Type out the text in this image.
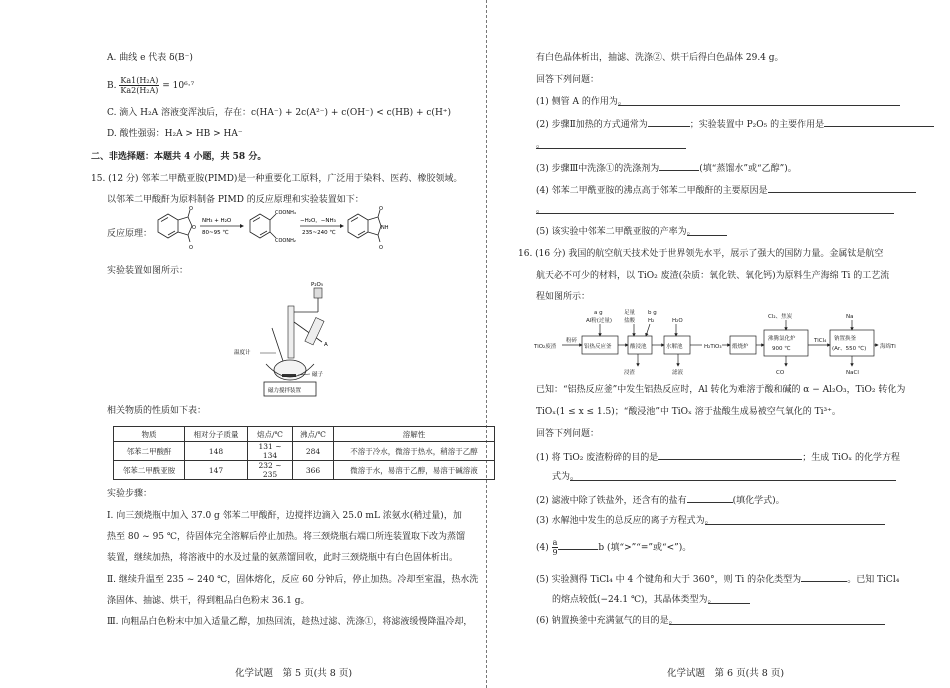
A. 曲线 e 代表 δ(B⁻)
B. $\frac{\text{Ka1(H₂A)}}{\text{Ka2(H₂A)}} = 10^6\cdot^7$
C. 滴入 H₂A 溶液变浑浊后，存在：c(HA⁻) + 2c(A²⁻) + c(OH⁻) < c(HB) + c(H⁺)
D. 酸性强弱：H₂A > HB > HA⁻
二、非选择题：本题共 4 小题，共 58 分。
15. (12 分) 邻苯二甲酰亚胺(PIMD)是一种重要化工原料，广泛用于染料、医药、橡胶领域。
以邻苯二甲酸酐为原料制备 PIMD 的反应原理和实验装置如下：
反应原理：
O
O
O
NH₃ + H₂O
80~95 ℃
COONH₄
COONH₂
−H₂O，−NH₃
235~240 ℃
O
NH
O
实验装置如图所示：
P₂O₅
A
温度计
磁子
磁力搅拌装置
相关物质的性质如下表：
物质	相对分子质量	熔点/℃	沸点/℃	溶解性
邻苯二甲酸酐	148	131 ~ 134	284	不溶于冷水，微溶于热水，稍溶于乙醇
邻苯二甲酰亚胺	147	232 ~ 235	366	微溶于水，易溶于乙醇，易溶于碱溶液
实验步骤：
Ⅰ. 向三颈烧瓶中加入 37.0 g 邻苯二甲酸酐，边搅拌边滴入 25.0 mL 浓氨水(稍过量)，加
热至 80 ~ 95 ℃，待固体完全溶解后停止加热。将三颈烧瓶右端口所连装置取下改为蒸馏
装置，继续加热，将溶液中的水及过量的氨蒸馏回收，此时三颈烧瓶中有白色固体析出。
Ⅱ. 继续升温至 235 ~ 240 ℃，固体熔化，反应 60 分钟后，停止加热。冷却至室温，热水洗
涤固体、抽滤、烘干，得到粗品白色粉末 36.1 g。
Ⅲ. 向粗品白色粉末中加入适量乙醇，加热回流，趁热过滤、洗涤①，将滤液缓慢降温冷却，
化学试题　第 5 页(共 8 页)
有白色晶体析出，抽滤、洗涤②、烘干后得白色晶体 29.4 g。
回答下列问题：
(1) 侧管 A 的作用为。
(2) 步骤Ⅱ加热的方式通常为	；实验装置中 P₂O₅ 的主要作用是
。
(3) 步骤Ⅲ中洗涤①的洗涤剂为	(填“蒸馏水”或“乙醇”)。
(4) 邻苯二甲酰亚胺的沸点高于邻苯二甲酸酐的主要原因是
。
(5) 该实验中邻苯二甲酰亚胺的产率为。
16. (16 分) 我国的航空航天技术处于世界领先水平，展示了强大的国防力量。金属钛是航空
航天必不可少的材料，以 TiO₂ 废渣(杂质：氧化铁、氧化钙)为原料生产海绵 Ti 的工艺流
程如图所示：
TiO₂废渣
粉碎
a g
Al粉(过量)
足量
盐酸
b g
H₂	H₂O
Cl₂、焦炭	Na
H₂TiO₃
TiCl₄
海绵Ti
浸渣	滤液	CO	NaCl
铝热反应釜	酸浸池	水解池	煅烧炉
沸腾氯化炉
900 ℃
钠置换釜
(Ar、550 ℃)
已知：“铝热反应釜”中发生铝热反应时，Al 转化为难溶于酸和碱的 α − Al₂O₃，TiO₂ 转化为
TiOₓ(1 ≤ x ≤ 1.5)；“酸浸池”中 TiOₓ 溶于盐酸生成易被空气氧化的 Ti³⁺。
回答下列问题：
(1) 将 TiO₂ 废渣粉碎的目的是	；生成 TiOₓ 的化学方程
式为。
(2) 滤液中除了铁盐外，还含有的盐有	(填化学式)。
(3) 水解池中发生的总反应的离子方程式为。
$(4) \frac{a}{9}$	b (填“>”“=”或“<”)。
(5) 实验测得 TiCl₄ 中 4 个键角和大于 360°，则 Ti 的杂化类型为	。已知 TiCl₄
的熔点较低(−24.1 ℃)，其晶体类型为。
(6) 钠置换釜中充满氩气的目的是。
化学试题　第 6 页(共 8 页)
